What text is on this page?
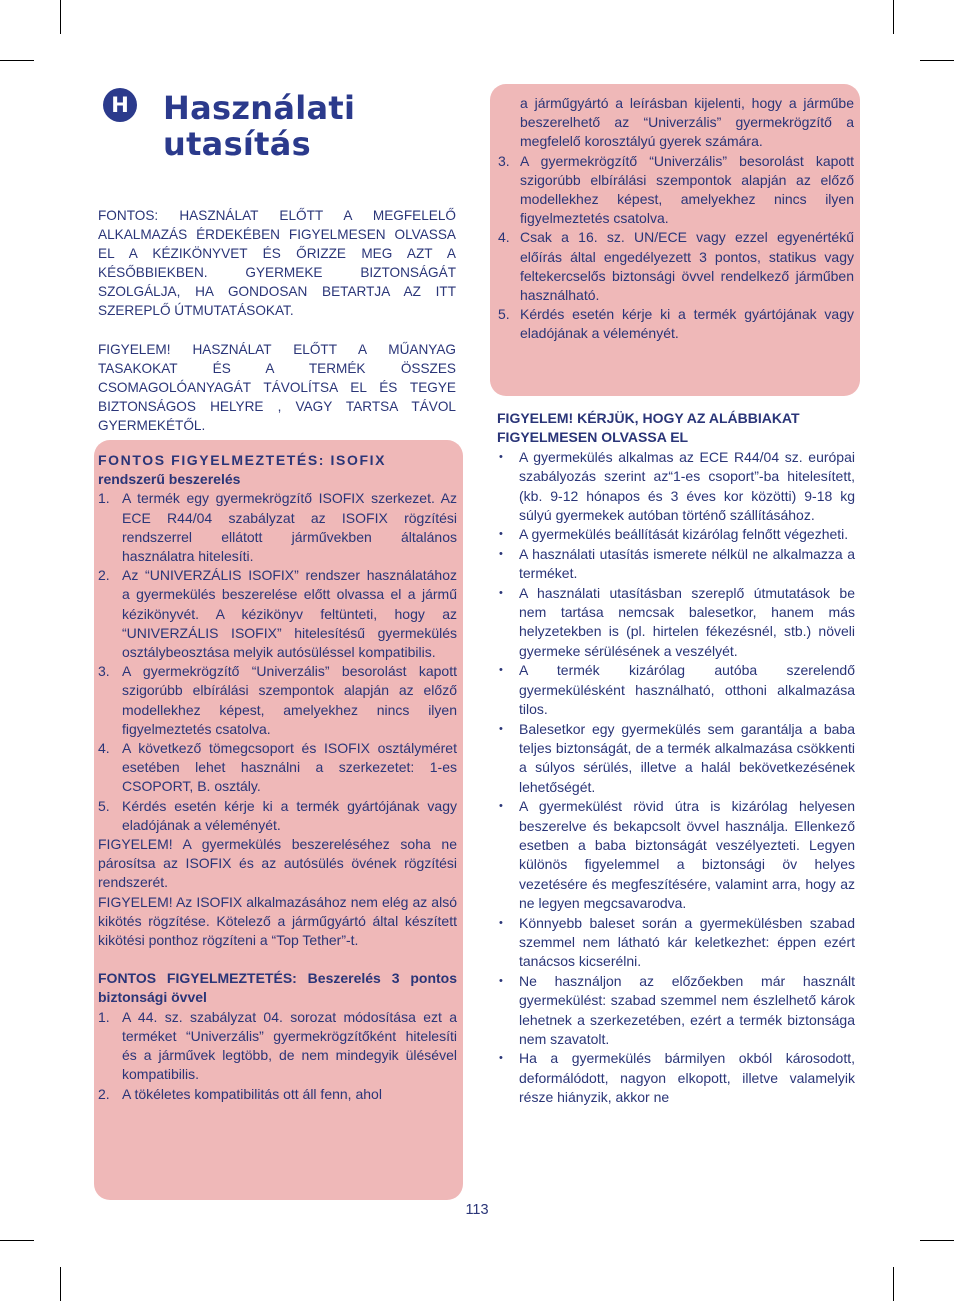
H Használati
utasítás

FONTOS: HASZNÁLAT ELŐTT A MEGFELELŐ ALKALMAZÁS ÉRDEKÉBEN FIGYELMESEN OLVASSA EL A KÉZIKÖNYVET ÉS ŐRIZZE MEG AZT A KÉSŐBBIEKBEN. GYERMEKE BIZTONSÁGÁT SZOLGÁLJA, HA GONDOSAN BETARTJA AZ ITT SZEREPLŐ ÚTMUTATÁSOKAT.

FIGYELEM! HASZNÁLAT ELŐTT A MŰANYAG TASAKOKAT ÉS A TERMÉK ÖSSZES CSOMAGOLÓANYAGÁT TÁVOLÍTSA EL ÉS TEGYE BIZTONSÁGOS HELYRE , VAGY TARTSA TÁVOL GYERMEKÉTŐL.

FONTOS FIGYELMEZTETÉS: ISOFIX

rendszerű beszerelés

1. A termék egy gyermekrögzítő ISOFIX szerkezet. Az ECE R44/04 szabályzat az ISOFIX rögzítési rendszerrel ellátott járművekben általános használatra hitelesíti.
2. Az “UNIVERZÁLIS ISOFIX” rendszer használatához a gyermekülés beszerelése előtt olvassa el a jármű kézikönyvét. A kézikönyv feltünteti, hogy az “UNIVERZÁLIS ISOFIX” hitelesítésű gyermekülés osztálybeosztása melyik autósüléssel kompatibilis.
3. A gyermekrögzítő “Univerzális” besorolást kapott szigorúbb elbírálási szempontok alapján az előző modellekhez képest, amelyekhez nincs ilyen figyelmeztetés csatolva.
4. A következő tömegcsoport és ISOFIX osztályméret esetében lehet használni a szerkezetet: 1-es CSOPORT, B. osztály.
5. Kérdés esetén kérje ki a termék gyártójának vagy eladójának a véleményét.

FIGYELEM! A gyermekülés beszereléséhez soha ne párosítsa az ISOFIX és az autósülés övének rögzítési rendszerét.

FIGYELEM! Az ISOFIX alkalmazásához nem elég az alsó kikötés rögzítése. Kötelező a járműgyártó által készített kikötési ponthoz rögzíteni a “Top Tether”-t.

FONTOS FIGYELMEZTETÉS: Beszerelés 3 pontos biztonsági övvel

1. A 44. sz. szabályzat 04. sorozat módosítása ezt a terméket “Univerzális” gyermekrögzítőként hitelesíti és a járművek legtöbb, de nem mindegyik ülésével kompatibilis.
2. A tökéletes kompatibilitás ott áll fenn, ahol

a járműgyártó a leírásban kijelenti, hogy a járműbe beszerelhető az “Univerzális” gyermekrögzítő a megfelelő korosztályú gyerek számára.

3. A gyermekrögzítő “Univerzális” besorolást kapott szigorúbb elbírálási szempontok alapján az előző modellekhez képest, amelyekhez nincs ilyen figyelmeztetés csatolva.
4. Csak a 16. sz. UN/ECE vagy ezzel egyenértékű előírás által engedélyezett 3 pontos, statikus vagy feltekercselős biztonsági övvel rendelkező járműben használható.
5. Kérdés esetén kérje ki a termék gyártójának vagy eladójának a véleményét.

FIGYELEM! KÉRJÜK, HOGY AZ ALÁBBIAKAT

FIGYELMESEN OLVASSA EL

• A gyermekülés alkalmas az ECE R44/04 sz. európai szabályozás szerint az“1-es csoport”-ba hitelesített, (kb. 9-12 hónapos és 3 éves kor közötti) 9-18 kg súlyú gyermekek autóban történő szállításához.
• A gyermekülés beállítását kizárólag felnőtt végezheti.
• A használati utasítás ismerete nélkül ne alkalmazza a terméket.
• A használati utasításban szereplő útmutatások be nem tartása nemcsak balesetkor, hanem más helyzetekben is (pl. hirtelen fékezésnél, stb.) növeli gyermeke sérülésének a veszélyét.
• A termék kizárólag autóba szerelendő gyermekülésként használható, otthoni alkalmazása tilos.
• Balesetkor egy gyermekülés sem garantálja a baba teljes biztonságát, de a termék alkalmazása csökkenti a súlyos sérülés, illetve a halál bekövetkezésének lehetőségét.
• A gyermekülést rövid útra is kizárólag helyesen beszerelve és bekapcsolt övvel használja. Ellenkező esetben a baba biztonságát veszélyezteti. Legyen különös figyelemmel a biztonsági öv helyes vezetésére és megfeszítésére, valamint arra, hogy az ne legyen megcsavarodva.
• Könnyebb baleset során a gyermekülésben szabad szemmel nem látható kár keletkezhet: éppen ezért tanácsos kicserélni.
• Ne használjon az előzőekben már használt gyermekülést: szabad szemmel nem észlelhető károk lehetnek a szerkezetében, ezért a termék biztonsága nem szavatolt.
• Ha a gyermekülés bármilyen okból károsodott, deformálódott, nagyon elkopott, illetve valamelyik része hiányzik, akkor ne
113
